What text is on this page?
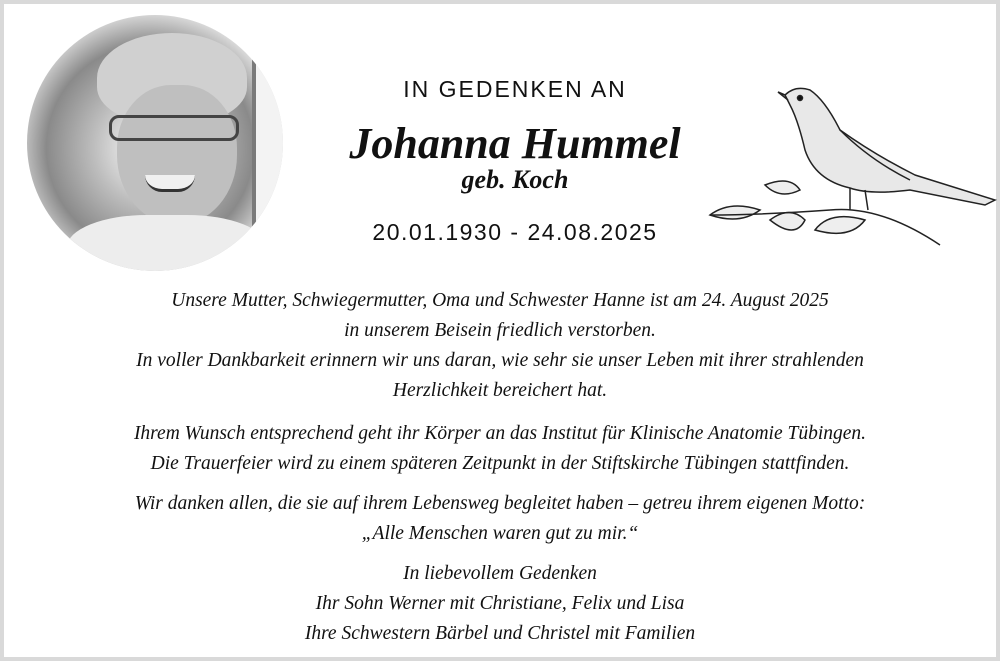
IN GEDENKEN AN
Johanna Hummel
geb. Koch
20.01.1930 - 24.08.2025
Unsere Mutter, Schwiegermutter, Oma und Schwester Hanne ist am 24. August 2025
in unserem Beisein friedlich verstorben.
In voller Dankbarkeit erinnern wir uns daran, wie sehr sie unser Leben mit ihrer strahlenden
Herzlichkeit bereichert hat.
Ihrem Wunsch entsprechend geht ihr Körper an das Institut für Klinische Anatomie Tübingen.
Die Trauerfeier wird zu einem späteren Zeitpunkt in der Stiftskirche Tübingen stattfinden.
Wir danken allen, die sie auf ihrem Lebensweg begleitet haben – getreu ihrem eigenen Motto:
„Alle Menschen waren gut zu mir.“
In liebevollem Gedenken
Ihr Sohn Werner mit Christiane, Felix und Lisa
Ihre Schwestern Bärbel und Christel mit Familien
